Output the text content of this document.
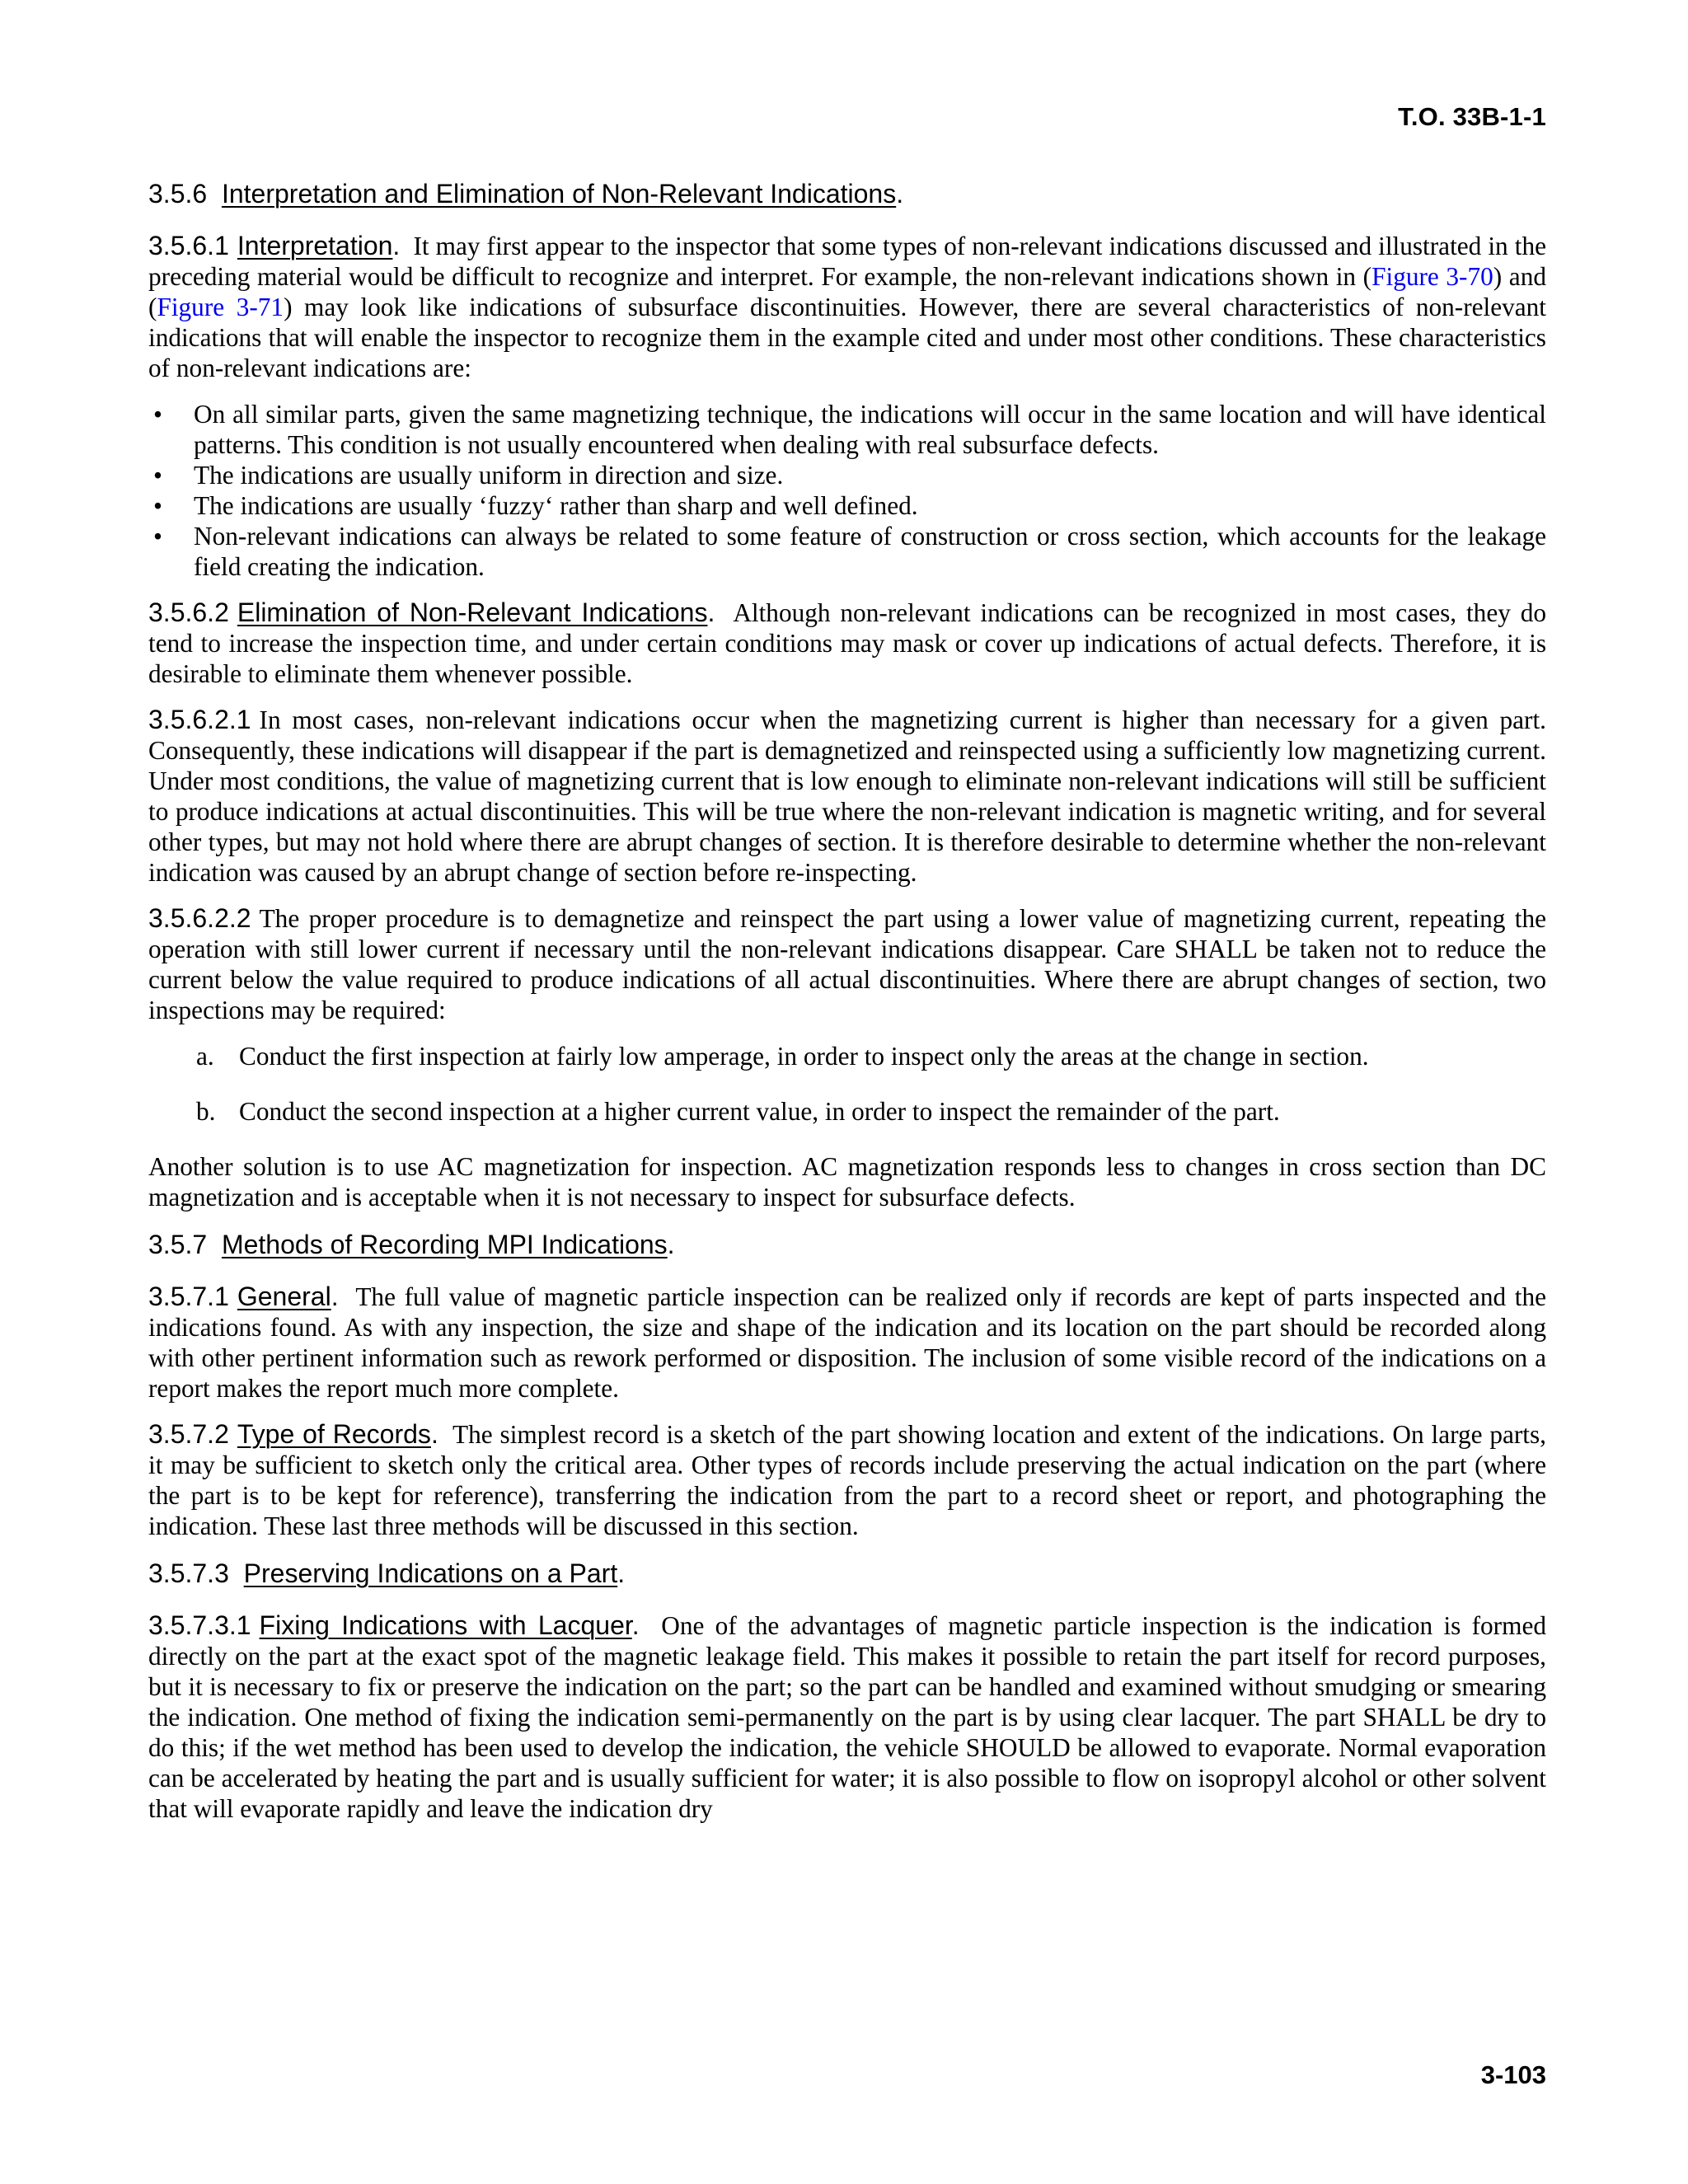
T.O. 33B-1-1
3.5.6 Interpretation and Elimination of Non-Relevant Indications.

3.5.6.1 Interpretation. It may first appear to the inspector that some types of non-relevant indications discussed and illustrated in the preceding material would be difficult to recognize and interpret. For example, the non-relevant indications shown in (Figure 3-70) and (Figure 3-71) may look like indications of subsurface discontinuities. However, there are several characteristics of non-relevant indications that will enable the inspector to recognize them in the example cited and under most other conditions. These characteristics of non-relevant indications are:

• On all similar parts, given the same magnetizing technique, the indications will occur in the same location and will have identical patterns. This condition is not usually encountered when dealing with real subsurface defects.
• The indications are usually uniform in direction and size.
• The indications are usually ‘fuzzy‘ rather than sharp and well defined.
• Non-relevant indications can always be related to some feature of construction or cross section, which accounts for the leakage field creating the indication.

3.5.6.2 Elimination of Non-Relevant Indications. Although non-relevant indications can be recognized in most cases, they do tend to increase the inspection time, and under certain conditions may mask or cover up indications of actual defects. Therefore, it is desirable to eliminate them whenever possible.

3.5.6.2.1 In most cases, non-relevant indications occur when the magnetizing current is higher than necessary for a given part. Consequently, these indications will disappear if the part is demagnetized and reinspected using a sufficiently low magnetizing current. Under most conditions, the value of magnetizing current that is low enough to eliminate non-relevant indications will still be sufficient to produce indications at actual discontinuities. This will be true where the non-relevant indication is magnetic writing, and for several other types, but may not hold where there are abrupt changes of section. It is therefore desirable to determine whether the non-relevant indication was caused by an abrupt change of section before re-inspecting.

3.5.6.2.2 The proper procedure is to demagnetize and reinspect the part using a lower value of magnetizing current, repeating the operation with still lower current if necessary until the non-relevant indications disappear. Care SHALL be taken not to reduce the current below the value required to produce indications of all actual discontinuities. Where there are abrupt changes of section, two inspections may be required:

a. Conduct the first inspection at fairly low amperage, in order to inspect only the areas at the change in section.
b. Conduct the second inspection at a higher current value, in order to inspect the remainder of the part.

Another solution is to use AC magnetization for inspection. AC magnetization responds less to changes in cross section than DC magnetization and is acceptable when it is not necessary to inspect for subsurface defects.

3.5.7 Methods of Recording MPI Indications.

3.5.7.1 General. The full value of magnetic particle inspection can be realized only if records are kept of parts inspected and the indications found. As with any inspection, the size and shape of the indication and its location on the part should be recorded along with other pertinent information such as rework performed or disposition. The inclusion of some visible record of the indications on a report makes the report much more complete.

3.5.7.2 Type of Records. The simplest record is a sketch of the part showing location and extent of the indications. On large parts, it may be sufficient to sketch only the critical area. Other types of records include preserving the actual indication on the part (where the part is to be kept for reference), transferring the indication from the part to a record sheet or report, and photographing the indication. These last three methods will be discussed in this section.

3.5.7.3 Preserving Indications on a Part.

3.5.7.3.1 Fixing Indications with Lacquer. One of the advantages of magnetic particle inspection is the indication is formed directly on the part at the exact spot of the magnetic leakage field. This makes it possible to retain the part itself for record purposes, but it is necessary to fix or preserve the indication on the part; so the part can be handled and examined without smudging or smearing the indication. One method of fixing the indication semi-permanently on the part is by using clear lacquer. The part SHALL be dry to do this; if the wet method has been used to develop the indication, the vehicle SHOULD be allowed to evaporate. Normal evaporation can be accelerated by heating the part and is usually sufficient for water; it is also possible to flow on isopropyl alcohol or other solvent that will evaporate rapidly and leave the indication dry

3-103
